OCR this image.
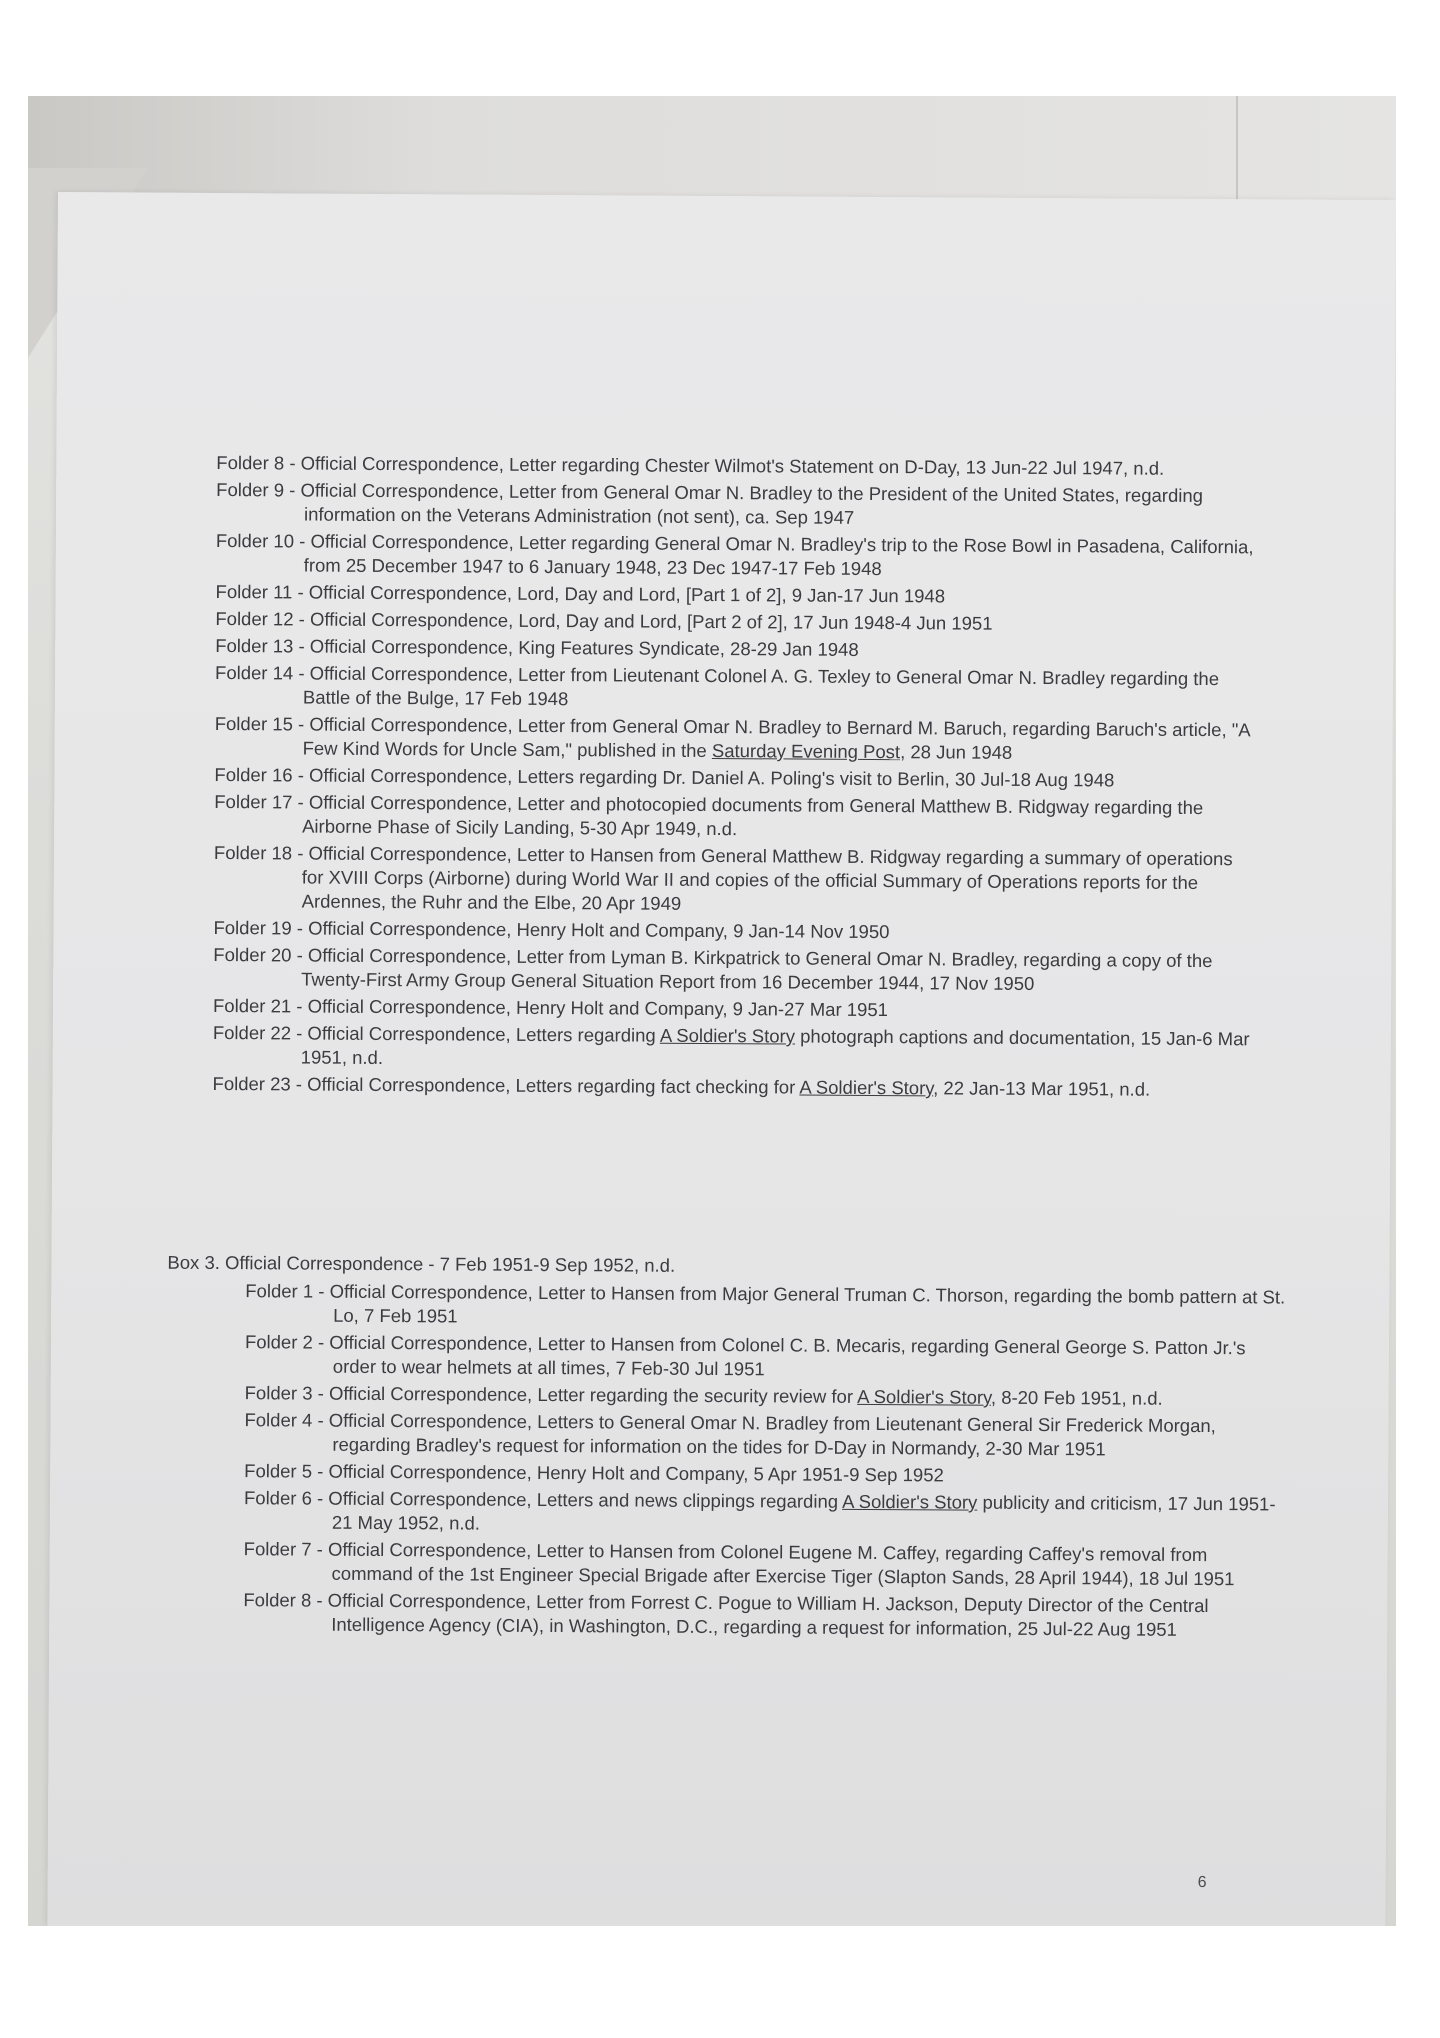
Folder 8 - Official Correspondence, Letter regarding Chester Wilmot's Statement on D-Day, 13 Jun-22 Jul 1947, n.d.
Folder 9 - Official Correspondence, Letter from General Omar N. Bradley to the President of the United States, regarding information on the Veterans Administration (not sent), ca. Sep 1947
Folder 10 - Official Correspondence, Letter regarding General Omar N. Bradley's trip to the Rose Bowl in Pasadena, California, from 25 December 1947 to 6 January 1948, 23 Dec 1947-17 Feb 1948
Folder 11 - Official Correspondence, Lord, Day and Lord, [Part 1 of 2], 9 Jan-17 Jun 1948
Folder 12 - Official Correspondence, Lord, Day and Lord, [Part 2 of 2], 17 Jun 1948-4 Jun 1951
Folder 13 - Official Correspondence, King Features Syndicate, 28-29 Jan 1948
Folder 14 - Official Correspondence, Letter from Lieutenant Colonel A. G. Texley to General Omar N. Bradley regarding the Battle of the Bulge, 17 Feb 1948
Folder 15 - Official Correspondence, Letter from General Omar N. Bradley to Bernard M. Baruch, regarding Baruch's article, "A Few Kind Words for Uncle Sam," published in the Saturday Evening Post, 28 Jun 1948
Folder 16 - Official Correspondence, Letters regarding Dr. Daniel A. Poling's visit to Berlin, 30 Jul-18 Aug 1948
Folder 17 - Official Correspondence, Letter and photocopied documents from General Matthew B. Ridgway regarding the Airborne Phase of Sicily Landing, 5-30 Apr 1949, n.d.
Folder 18 - Official Correspondence, Letter to Hansen from General Matthew B. Ridgway regarding a summary of operations for XVIII Corps (Airborne) during World War II and copies of the official Summary of Operations reports for the Ardennes, the Ruhr and the Elbe, 20 Apr 1949
Folder 19 - Official Correspondence, Henry Holt and Company, 9 Jan-14 Nov 1950
Folder 20 - Official Correspondence, Letter from Lyman B. Kirkpatrick to General Omar N. Bradley, regarding a copy of the Twenty-First Army Group General Situation Report from 16 December 1944, 17 Nov 1950
Folder 21 - Official Correspondence, Henry Holt and Company, 9 Jan-27 Mar 1951
Folder 22 - Official Correspondence, Letters regarding A Soldier's Story photograph captions and documentation, 15 Jan-6 Mar 1951, n.d.
Folder 23 - Official Correspondence, Letters regarding fact checking for A Soldier's Story, 22 Jan-13 Mar 1951, n.d.
Box 3. Official Correspondence - 7 Feb 1951-9 Sep 1952, n.d.
Folder 1 - Official Correspondence, Letter to Hansen from Major General Truman C. Thorson, regarding the bomb pattern at St. Lo, 7 Feb 1951
Folder 2 - Official Correspondence, Letter to Hansen from Colonel C. B. Mecaris, regarding General George S. Patton Jr.'s order to wear helmets at all times, 7 Feb-30 Jul 1951
Folder 3 - Official Correspondence, Letter regarding the security review for A Soldier's Story, 8-20 Feb 1951, n.d.
Folder 4 - Official Correspondence, Letters to General Omar N. Bradley from Lieutenant General Sir Frederick Morgan, regarding Bradley's request for information on the tides for D-Day in Normandy, 2-30 Mar 1951
Folder 5 - Official Correspondence, Henry Holt and Company, 5 Apr 1951-9 Sep 1952
Folder 6 - Official Correspondence, Letters and news clippings regarding A Soldier's Story publicity and criticism, 17 Jun 1951-21 May 1952, n.d.
Folder 7 - Official Correspondence, Letter to Hansen from Colonel Eugene M. Caffey, regarding Caffey's removal from command of the 1st Engineer Special Brigade after Exercise Tiger (Slapton Sands, 28 April 1944), 18 Jul 1951
Folder 8 - Official Correspondence, Letter from Forrest C. Pogue to William H. Jackson, Deputy Director of the Central Intelligence Agency (CIA), in Washington, D.C., regarding a request for information, 25 Jul-22 Aug 1951
6
